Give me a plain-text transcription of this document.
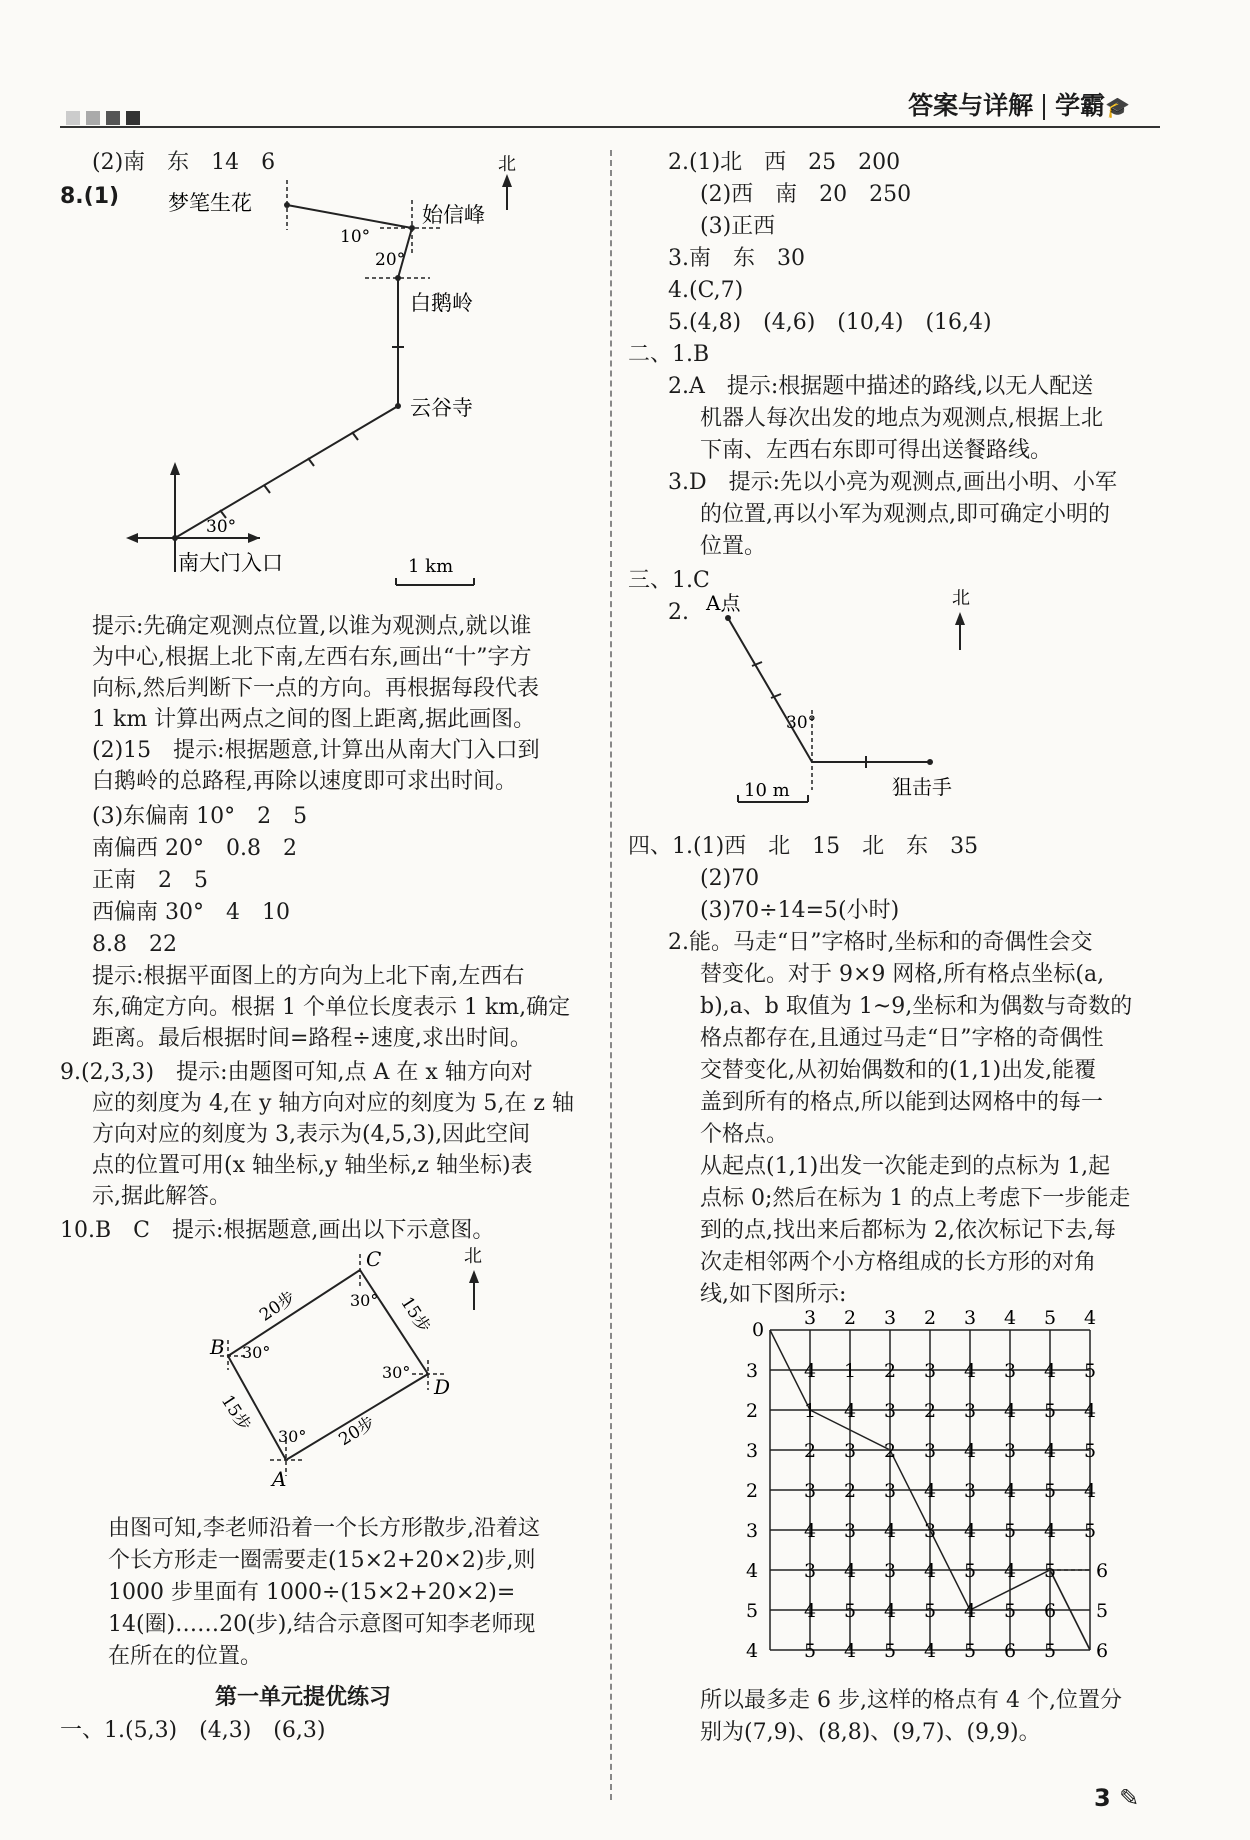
答案与详解 学霸🎓
(2)南　东　14　6
8.(1) 梦笔生花	始信峰
白鹅岭
云谷寺
南大门入口
北
1 km
10°
20°
30°
提示:先确定观测点位置,以谁为观测点,就以谁
为中心,根据上北下南,左西右东,画出“十”字方
向标,然后判断下一点的方向。再根据每段代表
1 km 计算出两点之间的图上距离,据此画图。
(2)15　提示:根据题意,计算出从南大门入口到
白鹅岭的总路程,再除以速度即可求出时间。
(3)东偏南 10°　2　5
南偏西 20°　0.8　2
正南　2　5
西偏南 30°　4　10
8.8　22
提示:根据平面图上的方向为上北下南,左西右
东,确定方向。根据 1 个单位长度表示 1 km,确定
距离。最后根据时间=路程÷速度,求出时间。
9.(2,3,3)　提示:由题图可知,点 A 在 x 轴方向对
应的刻度为 4,在 y 轴方向对应的刻度为 5,在 z 轴
方向对应的刻度为 3,表示为(4,5,3),因此空间
点的位置可用(x 轴坐标,y 轴坐标,z 轴坐标)表
示,据此解答。
10.B　C　提示:根据题意,画出以下示意图。
C
B
D
A
北
20步	15步
15步	20步
30°
30°
30°
30°
由图可知,李老师沿着一个长方形散步,沿着这
个长方形走一圈需要走(15×2+20×2)步,则
1000 步里面有 1000÷(15×2+20×2)=
14(圈)……20(步),结合示意图可知李老师现
在所在的位置。
第一单元提优练习
一、1.(5,3)　(4,3)　(6,3)
2.(1)北　西　25　200
(2)西　南　20　250
(3)正西
3.南　东　30
4.(C,7)
5.(4,8)　(4,6)　(10,4)　(16,4)
二、1.B
2.A　提示:根据题中描述的路线,以无人配送
机器人每次出发的地点为观测点,根据上北
下南、左西右东即可得出送餐路线。
3.D　提示:先以小亮为观测点,画出小明、小军
的位置,再以小军为观测点,即可确定小明的
位置。
三、1.C
2. A点	北
30°
10 m	狙击手
四、1.(1)西　北　15　北　东　35
(2)70
(3)70÷14=5(小时)
2.能。马走“日”字格时,坐标和的奇偶性会交
替变化。对于 9×9 网格,所有格点坐标(a,
b),a、b 取值为 1~9,坐标和为偶数与奇数的
格点都存在,且通过马走“日”字格的奇偶性
交替变化,从初始偶数和的(1,1)出发,能覆
盖到所有的格点,所以能到达网格中的每一
个格点。
从起点(1,1)出发一次能走到的点标为 1,起
点标 0;然后在标为 1 的点上考虑下一步能走
到的点,找出来后都标为 2,依次标记下去,每
次走相邻两个小方格组成的长方形的对角
线,如下图所示:
0
3 2 3 2 3 4 5 4
3 4 1 2 3 4 3 4 5
2 1 4 3 2 3 4 5 4
3 2 3 2 3 4 3 4 5
2 3 2 3 4 3 4 5 4
3 4 3 4 3 4 5 4 5
4 3 4 3 4 5 4 5 6
5 4 5 4 5 4 5 6 5
4 5 4 5 4 5 6 5 6
所以最多走 6 步,这样的格点有 4 个,位置分
别为(7,9)、(8,8)、(9,7)、(9,9)。
3 ✎
